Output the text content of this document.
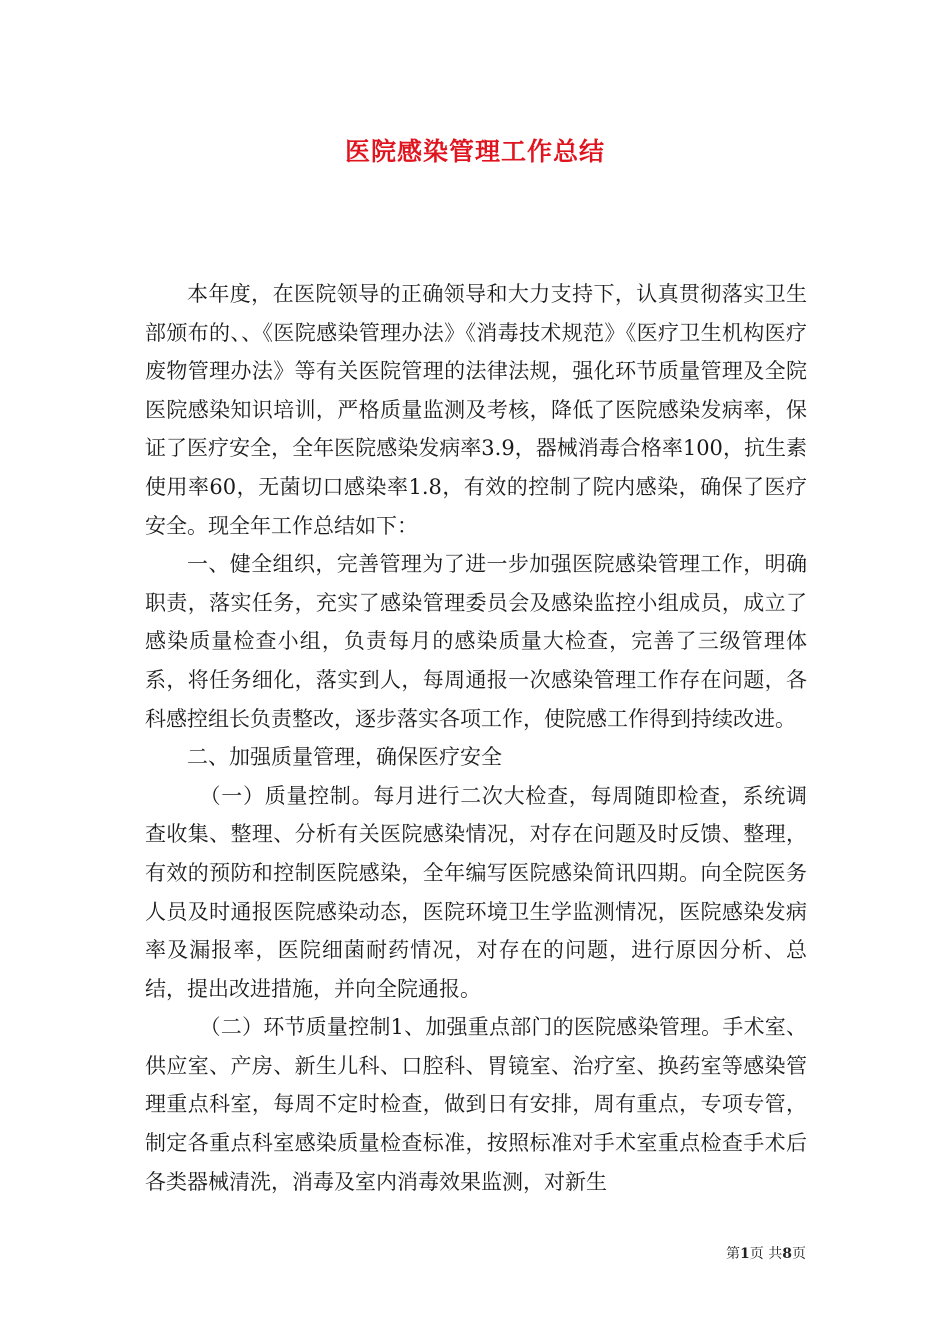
医院感染管理工作总结

本年度，在医院领导的正确领导和大力支持下，认真贯彻落实卫生部颁布的、、《医院感染管理办法》《消毒技术规范》《医疗卫生机构医疗废物管理办法》等有关医院管理的法律法规，强化环节质量管理及全院医院感染知识培训，严格质量监测及考核，降低了医院感染发病率，保证了医疗安全，全年医院感染发病率3.9，器械消毒合格率100，抗生素使用率60，无菌切口感染率1.8，有效的控制了院内感染，确保了医疗安全。现全年工作总结如下：

一、健全组织，完善管理为了进一步加强医院感染管理工作，明确职责，落实任务，充实了感染管理委员会及感染监控小组成员，成立了感染质量检查小组，负责每月的感染质量大检查，完善了三级管理体系，将任务细化，落实到人，每周通报一次感染管理工作存在问题，各科感控组长负责整改，逐步落实各项工作，使院感工作得到持续改进。

二、加强质量管理，确保医疗安全

（一）质量控制。每月进行二次大检查，每周随即检查，系统调查收集、整理、分析有关医院感染情况，对存在问题及时反馈、整理，有效的预防和控制医院感染，全年编写医院感染简讯四期。向全院医务人员及时通报医院感染动态，医院环境卫生学监测情况，医院感染发病率及漏报率，医院细菌耐药情况，对存在的问题，进行原因分析、总结，提出改进措施，并向全院通报。

（二）环节质量控制1、加强重点部门的医院感染管理。手术室、供应室、产房、新生儿科、口腔科、胃镜室、治疗室、换药室等感染管理重点科室，每周不定时检查，做到日有安排，周有重点，专项专管，制定各重点科室感染质量检查标准，按照标准对手术室重点检查手术后各类器械清洗，消毒及室内消毒效果监测，对新生

第1页 共8页
